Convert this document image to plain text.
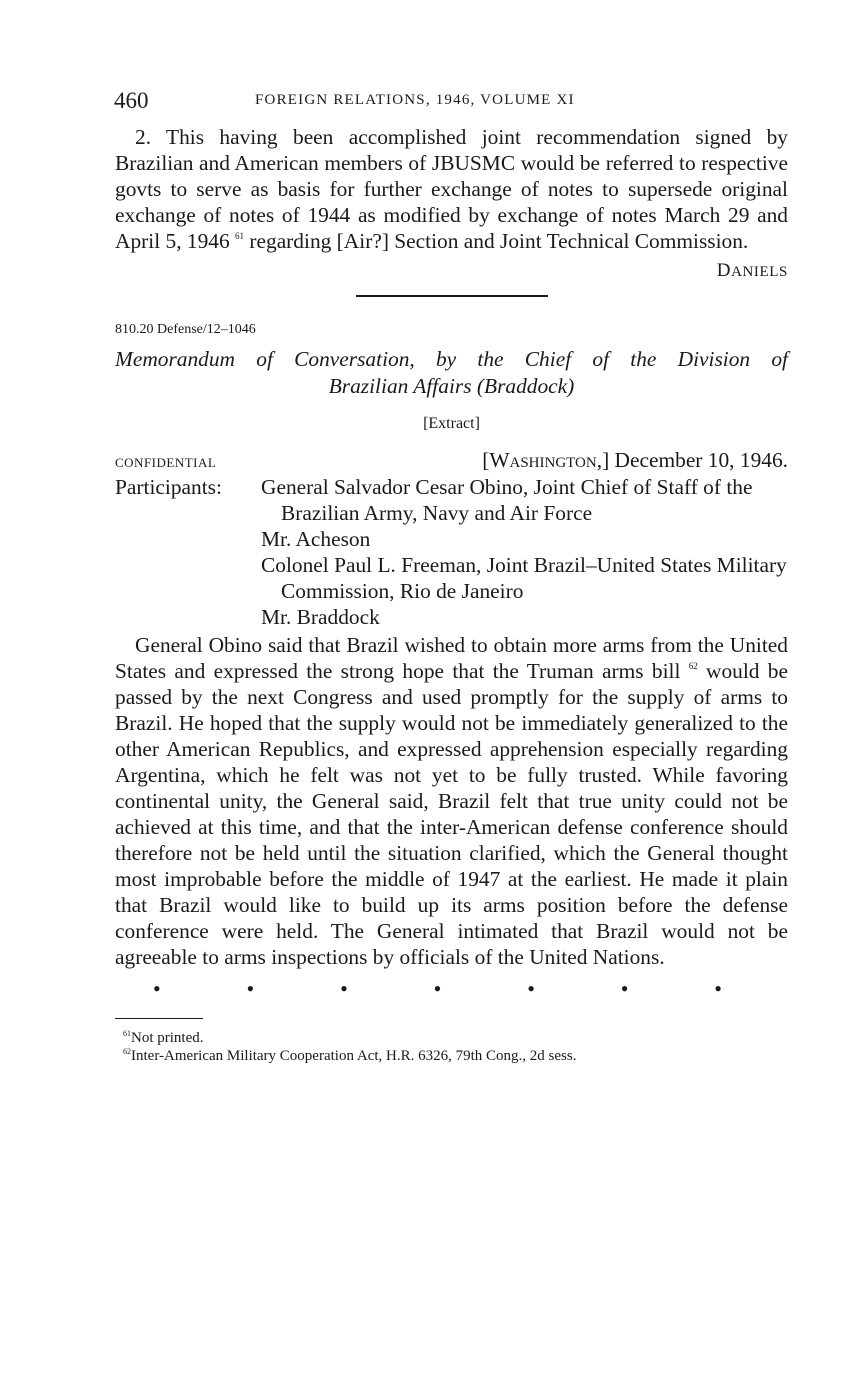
460	FOREIGN RELATIONS, 1946, VOLUME XI

2. This having been accomplished joint recommendation signed by Brazilian and American members of JBUSMC would be referred to respective govts to serve as basis for further exchange of notes to supersede original exchange of notes of 1944 as modified by exchange of notes March 29 and April 5, 1946 $^{61}$ regarding [Air?] Section and Joint Technical Commission.

DANIELS
810.20 Defense/12–1046
Memorandum of Conversation, by the Chief of the Division of
Brazilian Affairs (Braddock)
[Extract]
CONFIDENTIAL	[Washington,] December 10, 1946.
Participants:	General Salvador Cesar Obino, Joint Chief of Staff of the Brazilian Army, Navy and Air Force
Mr. Acheson
Colonel Paul L. Freeman, Joint Brazil–United States Military Commission, Rio de Janeiro
Mr. Braddock

General Obino said that Brazil wished to obtain more arms from the United States and expressed the strong hope that the Truman arms bill $^{62}$ would be passed by the next Congress and used promptly for the supply of arms to Brazil. He hoped that the supply would not be immediately generalized to the other American Republics, and expressed apprehension especially regarding Argentina, which he felt was not yet to be fully trusted. While favoring continental unity, the General said, Brazil felt that true unity could not be achieved at this time, and that the inter-American defense conference should therefore not be held until the situation clarified, which the General thought most improbable before the middle of 1947 at the earliest. He made it plain that Brazil would like to build up its arms position before the defense conference were held. The General intimated that Brazil would not be agreeable to arms inspections by officials of the United Nations.

•	•	•	•	•	•	•
$^{61}$Not printed.
$^{62}$Inter-American Military Cooperation Act, H.R. 6326, 79th Cong., 2d sess.
